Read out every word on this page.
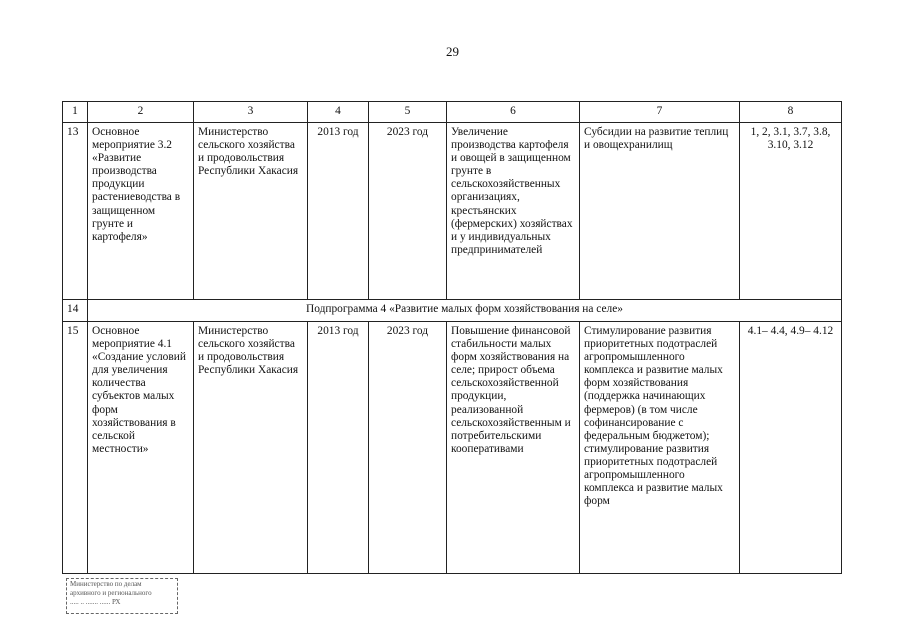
29
1	2	3	4	5	6	7	8
13	Основное мероприятие 3.2 «Развитие производства продукции растениеводства в защищенном грунте и картофеля»	Министерство сельского хозяйства и продовольствия Республики Хакасия	2013 год	2023 год	Увеличение производства картофеля и овощей в защищенном грунте в сельскохозяйственных организациях, крестьянских (фермерских) хозяйствах и у индивидуальных предпринимателей	Субсидии на развитие теплиц и овощехранилищ	1, 2, 3.1, 3.7, 3.8, 3.10, 3.12
14	Подпрограмма 4 «Развитие малых форм хозяйствования на селе»						
15	Основное мероприятие 4.1 «Создание условий для увеличения количества субъектов малых форм хозяйствования в сельской местности»	Министерство сельского хозяйства и продовольствия Республики Хакасия	2013 год	2023 год	Повышение финансовой стабильности малых форм хозяйствования на селе; прирост объема сельскохозяйственной продукции, реализованной сельскохозяйственным и потребительскими кооперативами	Стимулирование развития приоритетных подотраслей агропромышленного комплекса и развитие малых форм хозяйствования (поддержка начинающих фермеров) (в том числе софинансирование с федеральным бюджетом); стимулирование развития приоритетных подотраслей агропромышленного комплекса и развитие малых форм	4.1– 4.4, 4.9– 4.12
Министерство по делам
архивного и регионального
..... .. ....... ...... РХ
